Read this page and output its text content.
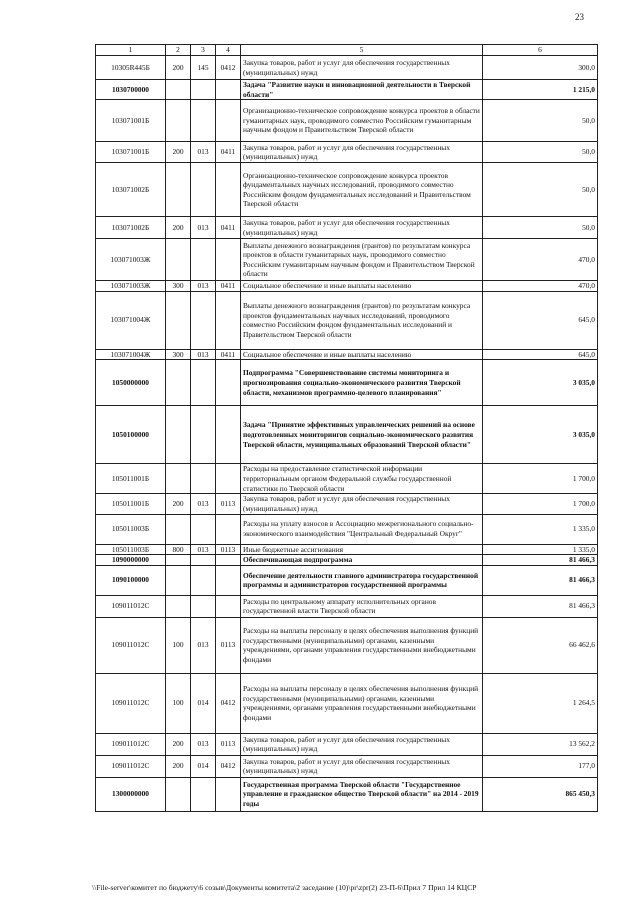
23
1	2	3	4	5	6
10305R445Б	200	145	0412	Закупка товаров, работ и услуг для обеспечения государственных (муниципальных) нужд	300,0
1030700000				Задача "Развитие науки и инновационной деятельности в Тверской области"	1 215,0
103071001Б				Организационно-техническое сопровождение конкурса проектов в области гуманитарных наук, проводимого совместно Российским гуманитарным научным фондом и Правительством Тверской области	50,0
103071001Б	200	013	0411	Закупка товаров, работ и услуг для обеспечения государственных (муниципальных) нужд	50,0
103071002Б				Организационно-техническое сопровождение конкурса проектов фундаментальных научных исследований, проводимого совместно Российским фондом фундаментальных исследований и Правительством Тверской области	50,0
103071002Б	200	013	0411	Закупка товаров, работ и услуг для обеспечения государственных (муниципальных) нужд	50,0
103071003Ж				Выплаты денежного вознаграждения (грантов) по результатам конкурса проектов в области гуманитарных наук, проводимого совместно Российским гуманитарным научным фондом и Правительством Тверской области	470,0
103071003Ж	300	013	0411	Социальное обеспечение и иные выплаты населению	470,0
103071004Ж				Выплаты денежного вознаграждения (грантов) по результатам конкурса проектов фундаментальных научных исследований, проводимого совместно Российским фондом фундаментальных исследований и Правительством Тверской области	645,0
103071004Ж	300	013	0411	Социальное обеспечение и иные выплаты населению	645,0
1050000000				Подпрограмма "Совершенствование системы мониторинга и прогнозирования социально-экономического развития Тверской области, механизмов программно-целевого планирования"	3 035,0
1050100000				Задача "Принятие эффективных управленческих решений на основе подготовленных мониторингов социально-экономического развития Тверской области, муниципальных образований Тверской области"	3 035,0
105011001Б				Расходы на предоставление статистической информации территориальным органом Федеральной службы государственной статистики по Тверской области	1 700,0
105011001Б	200	013	0113	Закупка товаров, работ и услуг для обеспечения государственных (муниципальных) нужд	1 700,0
105011003Б				Расходы на уплату взносов в Ассоциацию межрегионального социально-экономического взаимодействия "Центральный Федеральный Округ"	1 335,0
105011003Б	800	013	0113	Иные бюджетные ассигнования	1 335,0
1090000000				Обеспечивающая подпрограмма	81 466,3
1090100000				Обеспечение деятельности главного администратора государственной программы и администраторов государственной программы	81 466,3
109011012С				Расходы по центральному аппарату исполнительных органов государственной власти Тверской области	81 466,3
109011012С	100	013	0113	Расходы на выплаты персоналу в целях обеспечения выполнения функций государственными (муниципальными) органами, казенными учреждениями, органами управления государственными внебюджетными фондами	66 462,6
109011012С	100	014	0412	Расходы на выплаты персоналу в целях обеспечения выполнения функций государственными (муниципальными) органами, казенными учреждениями, органами управления государственными внебюджетными фондами	1 264,5
109011012С	200	013	0113	Закупка товаров, работ и услуг для обеспечения государственных (муниципальных) нужд	13 562,2
109011012С	200	014	0412	Закупка товаров, работ и услуг для обеспечения государственных (муниципальных) нужд	177,0
1300000000				Государственная программа Тверской области "Государственное управление и гражданское общество Тверской области" на 2014 - 2019 годы	865 450,3
\\File-server\комитет по бюджету\6 созыв\Документы комитета\2 заседание (10)\pr\zpr(2) 23-П-6\Прил 7 Прил 14 КЦСР
